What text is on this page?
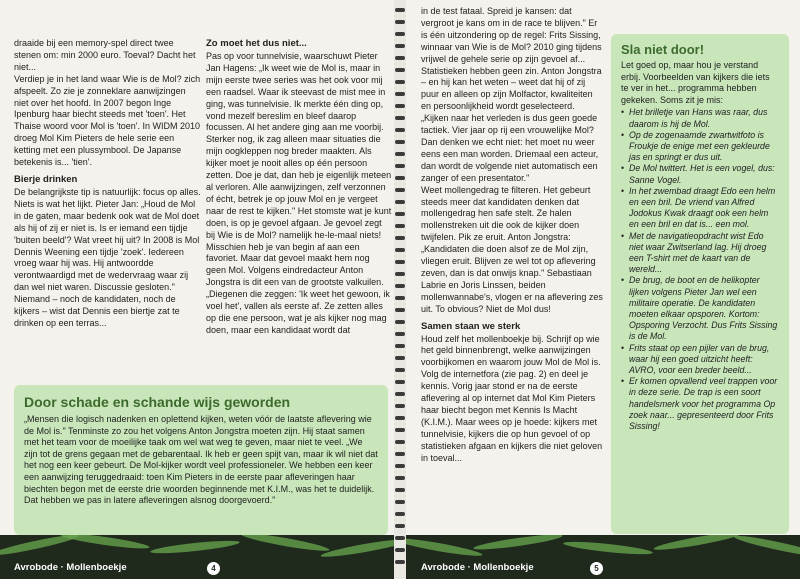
draaide bij een memory-spel direct twee stenen om: min 2000 euro. Toeval? Dacht het niet...

Verdiep je in het land waar Wie is de Mol? zich afspeelt. Zo zie je zonneklare aanwijzingen niet over het hoofd. In 2007 begon Inge Ipenburg haar biecht steeds met 'toen'. Het Thaise woord voor Mol is 'toen'. In WIDM 2010 droeg Mol Kim Pieters de hele serie een ketting met een plussymbool. De Japanse betekenis is... 'tien'.

Bierje drinken

De belangrijkste tip is natuurlijk: focus op alles. Niets is wat het lijkt. Pieter Jan: „Houd de Mol in de gaten, maar bedenk ook wat de Mol doet als hij of zij er niet is. Is er iemand een tijdje 'buiten beeld'? Wat vreet hij uit? In 2008 is Mol Dennis Weening een tijdje 'zoek'. Iedereen vroeg waar hij was. Hij antwoordde verontwaardigd met de wedervraag waar zij dan wel niet waren. Discussie gesloten." Niemand – noch de kandidaten, noch de kijkers – wist dat Dennis een biertje zat te drinken op een terras...

Zo moet het dus niet...

Pas op voor tunnelvisie, waarschuwt Pieter Jan Hagens: „Ik weet wie de Mol is, maar in mijn eerste twee series was het ook voor mij een raadsel. Waar ik steevast de mist mee in ging, was tunnelvisie. Ik merkte één ding op, vond mezelf bereslim en bleef daarop focussen. Al het andere ging aan me voorbij. Sterker nog, ik zag alleen maar situaties die mijn oogkleppen nog breder maakten. Als kijker moet je nooit alles op één persoon zetten. Doe je dat, dan heb je eigenlijk meteen al verloren. Alle aanwijzingen, zelf verzonnen of écht, betrek je op jouw Mol en je vergeet naar de rest te kijken." Het stomste wat je kunt doen, is op je gevoel afgaan. Je gevoel zegt bij Wie is de Mol? namelijk he-le-maal niets! Misschien heb je van begin af aan een favoriet. Maar dat gevoel maakt hem nog geen Mol. Volgens eindredacteur Anton Jongstra is dit een van de grootste valkuilen. „Diegenen die zeggen: 'Ik weet het gewoon, ik voel het', vallen als eerste af. Ze zetten alles op die ene persoon, wat je als kijker nog mag doen, maar een kandidaat wordt dat

Door schade en schande wijs geworden

„Mensen die logisch nadenken en oplettend kijken, weten vóór de laatste aflevering wie de Mol is." Tenminste zo zou het volgens Anton Jongstra moeten zijn. Hij staat samen met het team voor de moeilijke taak om wel wat weg te geven, maar niet te veel. „We zijn tot de grens gegaan met de gebarentaal. Ik heb er geen spijt van, maar ik wil niet dat het nog een keer gebeurt. De Mol-kijker wordt veel professioneler. We hebben een keer een aanwijzing teruggedraaid: toen Kim Pieters in de eerste paar afleveringen haar biechten begon met de eerste drie woorden beginnende met K.I.M., was het te duidelijk. Dat hebben we pas in latere afleveringen alsnog doorgevoerd."

Avrobode · Mollenboekje	4

in de test fataal. Spreid je kansen: dat vergroot je kans om in de race te blijven." Er is één uitzondering op de regel: Frits Sissing, winnaar van Wie is de Mol? 2010 ging tijdens vrijwel de gehele serie op zijn gevoel af...

Statistieken hebben geen zin. Anton Jongstra – en hij kan het weten – weet dat hij of zij puur en alleen op zijn Molfactor, kwaliteiten en persoonlijkheid wordt geselecteerd. „Kijken naar het verleden is dus geen goede tactiek. Vier jaar op rij een vrouwelijke Mol? Dan denken we echt niet: het moet nu weer eens een man worden. Driemaal een acteur, dan wordt de volgende niet automatisch een zanger of een presentator."

Weet mollengedrag te filteren. Het gebeurt steeds meer dat kandidaten denken dat mollengedrag hen safe stelt. Ze halen mollenstreken uit die ook de kijker doen twijfelen. Pik ze eruit. Anton Jongstra: „Kandidaten die doen alsof ze de Mol zijn, vliegen eruit. Blijven ze wel tot op aflevering zeven, dan is dat onwijs knap." Sebastiaan Labrie en Joris Linssen, beiden mollenwannabe's, vlogen er na aflevering zes uit. To obvious? Niet de Mol dus!

Samen staan we sterk

Houd zelf het mollenboekje bij. Schrijf op wie het geld binnenbrengt, welke aanwijzingen voorbijkomen en waarom jouw Mol de Mol is. Volg de internetfora (zie pag. 2) en deel je kennis. Vorig jaar stond er na de eerste aflevering al op internet dat Mol Kim Pieters haar biecht begon met Kennis Is Macht (K.I.M.). Maar wees op je hoede: kijkers met tunnelvisie, kijkers die op hun gevoel of op statistieken afgaan en kijkers die niet geloven in toeval...

Sla niet door!

Let goed op, maar hou je verstand erbij. Voorbeelden van kijkers die iets te ver in het... programma hebben gekeken. Soms zit je mis:

• Het brilletje van Hans was raar, dus daarom is hij de Mol.
• Op de zogenaamde zwartwitfoto is Froukje de enige met een gekleurde jas en springt er dus uit.
• De Mol twittert. Het is een vogel, dus: Sanne Vogel.
• In het zwembad draagt Edo een helm en een bril. De vriend van Alfred Jodokus Kwak draagt ook een helm en een bril en dat is... een mol.
• Met de navigatieopdracht wist Edo niet waar Zwitserland lag. Hij droeg een T-shirt met de kaart van de wereld...
• De brug, de boot en de helikopter lijken volgens Pieter Jan wel een militaire operatie. De kandidaten moeten elkaar opsporen. Kortom: Opsporing Verzocht. Dus Frits Sissing is de Mol.
• Frits staat op een pijler van de brug, waar hij een goed uitzicht heeft: AVRO, voor een breder beeld...
• Er komen opvallend veel trappen voor in deze serie. De trap is een soort handelsmerk voor het programma Op zoek naar... gepresenteerd door Frits Sissing!
Avrobode · Mollenboekje	5
